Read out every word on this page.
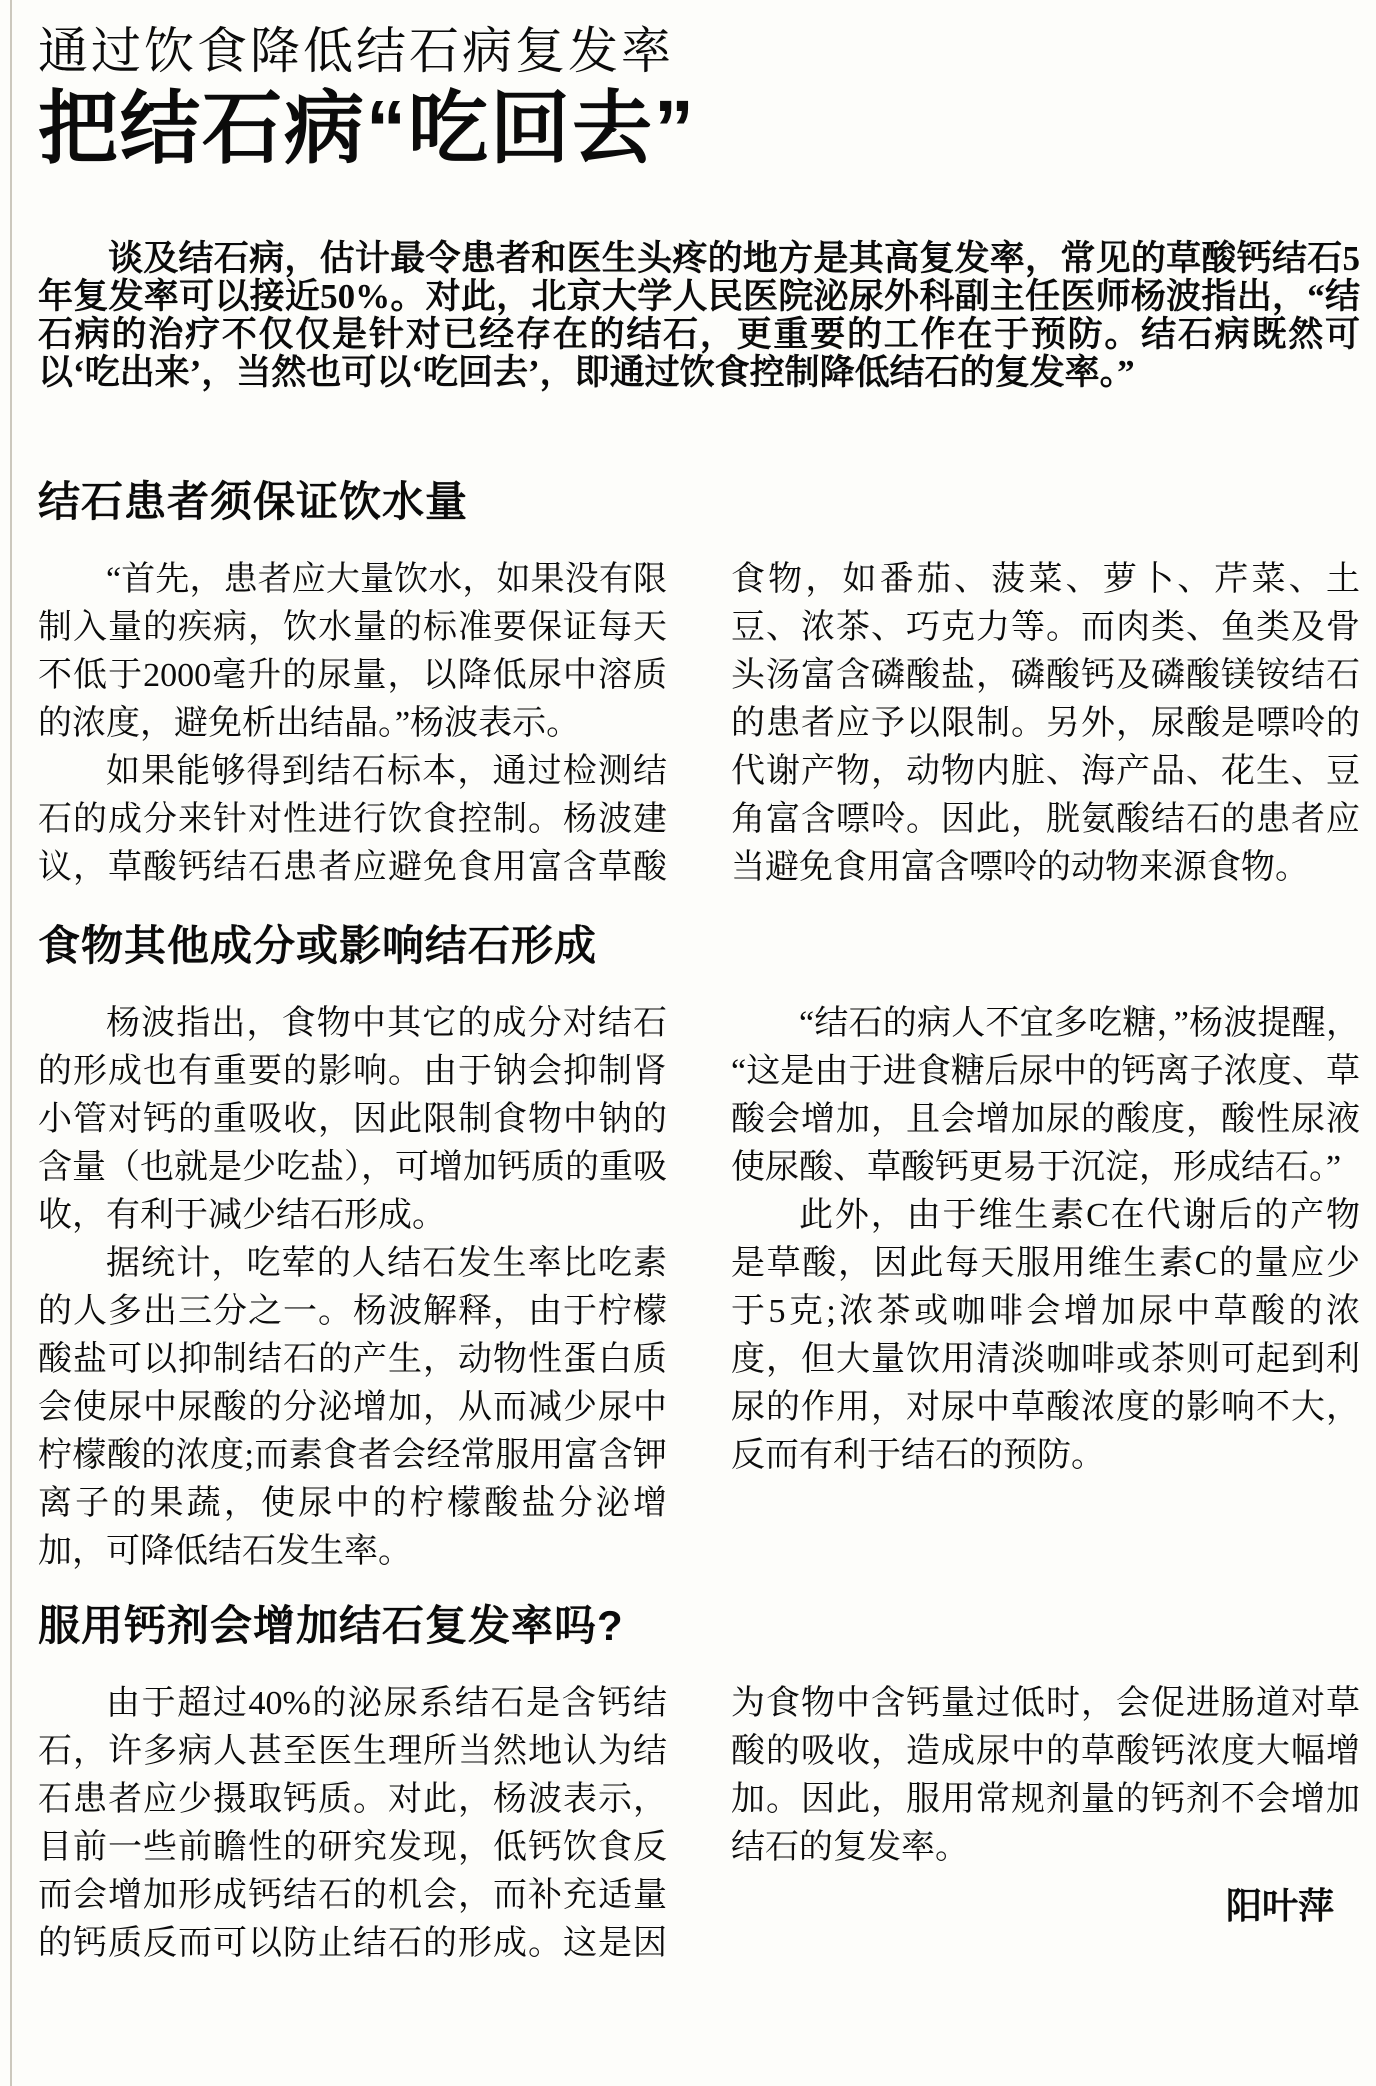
通过饮食降低结石病复发率
把结石病“吃回去”

谈及结石病，估计最令患者和医生头疼的地方是其高复发率，常见的草酸钙结石5年复发率可以接近50%。对此，北京大学人民医院泌尿外科副主任医师杨波指出，“结石病的治疗不仅仅是针对已经存在的结石，更重要的工作在于预防。结石病既然可以‘吃出来’，当然也可以‘吃回去’，即通过饮食控制降低结石的复发率。”

结石患者须保证饮水量

“首先，患者应大量饮水，如果没有限制入量的疾病，饮水量的标准要保证每天不低于2000毫升的尿量，以降低尿中溶质的浓度，避免析出结晶。”杨波表示。

如果能够得到结石标本，通过检测结石的成分来针对性进行饮食控制。杨波建议，草酸钙结石患者应避免食用富含草酸食物，如番茄、菠菜、萝卜、芹菜、土豆、浓茶、巧克力等。而肉类、鱼类及骨头汤富含磷酸盐，磷酸钙及磷酸镁铵结石的患者应予以限制。另外，尿酸是嘌呤的代谢产物，动物内脏、海产品、花生、豆角富含嘌呤。因此，胱氨酸结石的患者应当避免食用富含嘌呤的动物来源食物。

食物其他成分或影响结石形成

杨波指出，食物中其它的成分对结石的形成也有重要的影响。由于钠会抑制肾小管对钙的重吸收，因此限制食物中钠的含量（也就是少吃盐），可增加钙质的重吸收，有利于减少结石形成。

据统计，吃荤的人结石发生率比吃素的人多出三分之一。杨波解释，由于柠檬酸盐可以抑制结石的产生，动物性蛋白质会使尿中尿酸的分泌增加，从而减少尿中柠檬酸的浓度;而素食者会经常服用富含钾离子的果蔬，使尿中的柠檬酸盐分泌增加，可降低结石发生率。

“结石的病人不宜多吃糖，”杨波提醒，“这是由于进食糖后尿中的钙离子浓度、草酸会增加，且会增加尿的酸度，酸性尿液使尿酸、草酸钙更易于沉淀，形成结石。”

此外，由于维生素C在代谢后的产物是草酸，因此每天服用维生素C的量应少于5克;浓茶或咖啡会增加尿中草酸的浓度，但大量饮用清淡咖啡或茶则可起到利尿的作用，对尿中草酸浓度的影响不大，反而有利于结石的预防。

服用钙剂会增加结石复发率吗?

由于超过40%的泌尿系结石是含钙结石，许多病人甚至医生理所当然地认为结石患者应少摄取钙质。对此，杨波表示，目前一些前瞻性的研究发现，低钙饮食反而会增加形成钙结石的机会，而补充适量的钙质反而可以防止结石的形成。这是因为食物中含钙量过低时，会促进肠道对草酸的吸收，造成尿中的草酸钙浓度大幅增加。因此，服用常规剂量的钙剂不会增加结石的复发率。

阳叶萍
